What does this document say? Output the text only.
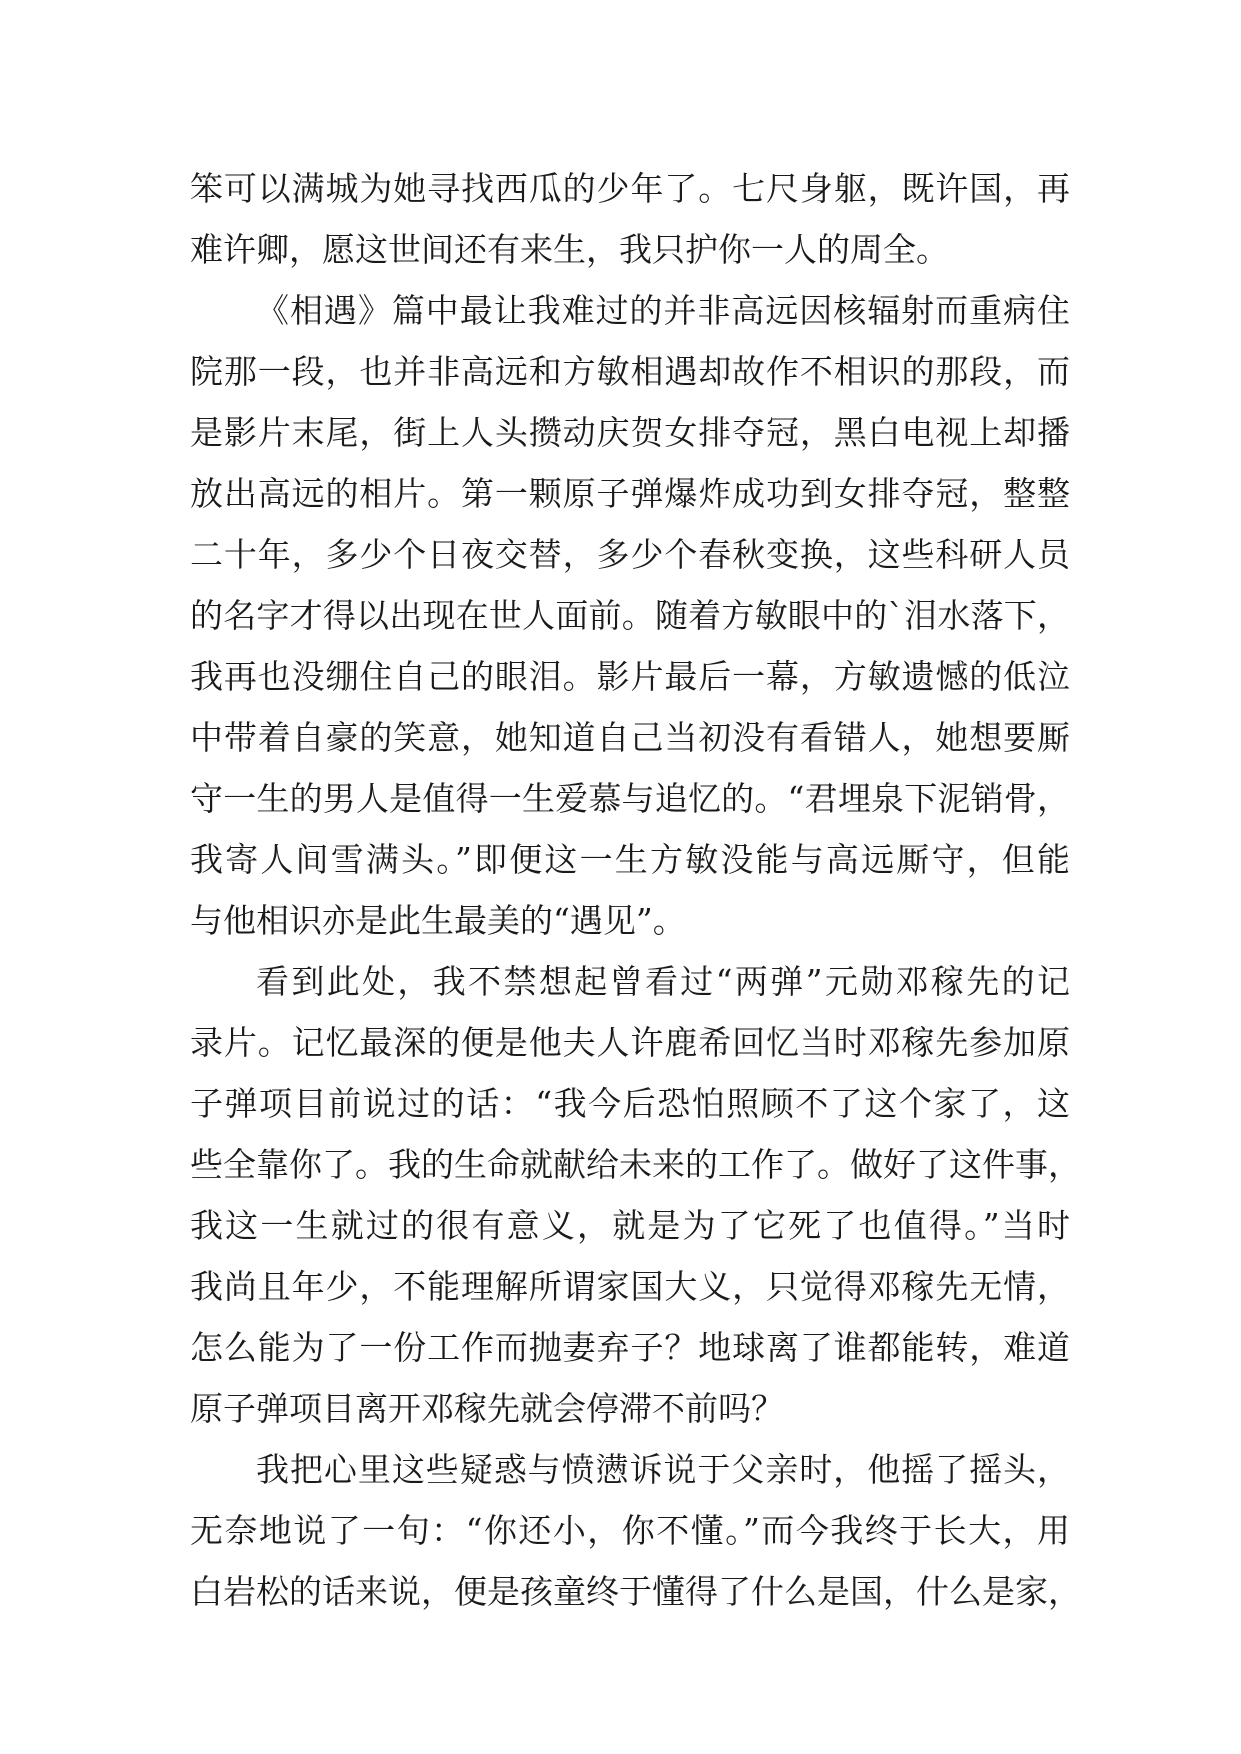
笨可以满城为她寻找西瓜的少年了。七尺身躯，既许国，再
难许卿，愿这世间还有来生，我只护你一人的周全。
《相遇》篇中最让我难过的并非高远因核辐射而重病住
院那一段，也并非高远和方敏相遇却故作不相识的那段，而
是影片末尾，街上人头攒动庆贺女排夺冠，黑白电视上却播
放出高远的相片。第一颗原子弹爆炸成功到女排夺冠，整整
二十年，多少个日夜交替，多少个春秋变换，这些科研人员
的名字才得以出现在世人面前。随着方敏眼中的`泪水落下，
我再也没绷住自己的眼泪。影片最后一幕，方敏遗憾的低泣
中带着自豪的笑意，她知道自己当初没有看错人，她想要厮
守一生的男人是值得一生爱慕与追忆的。“君埋泉下泥销骨，
我寄人间雪满头。”即便这一生方敏没能与高远厮守，但能
与他相识亦是此生最美的“遇见”。
看到此处，我不禁想起曾看过“两弹”元勋邓稼先的记
录片。记忆最深的便是他夫人许鹿希回忆当时邓稼先参加原
子弹项目前说过的话：“我今后恐怕照顾不了这个家了，这
些全靠你了。我的生命就献给未来的工作了。做好了这件事，
我这一生就过的很有意义，就是为了它死了也值得。”当时
我尚且年少，不能理解所谓家国大义，只觉得邓稼先无情，
怎么能为了一份工作而抛妻弃子？地球离了谁都能转，难道
原子弹项目离开邓稼先就会停滞不前吗？
我把心里这些疑惑与愤懑诉说于父亲时，他摇了摇头，
无奈地说了一句：“你还小，你不懂。”而今我终于长大，用
白岩松的话来说，便是孩童终于懂得了什么是国，什么是家，
